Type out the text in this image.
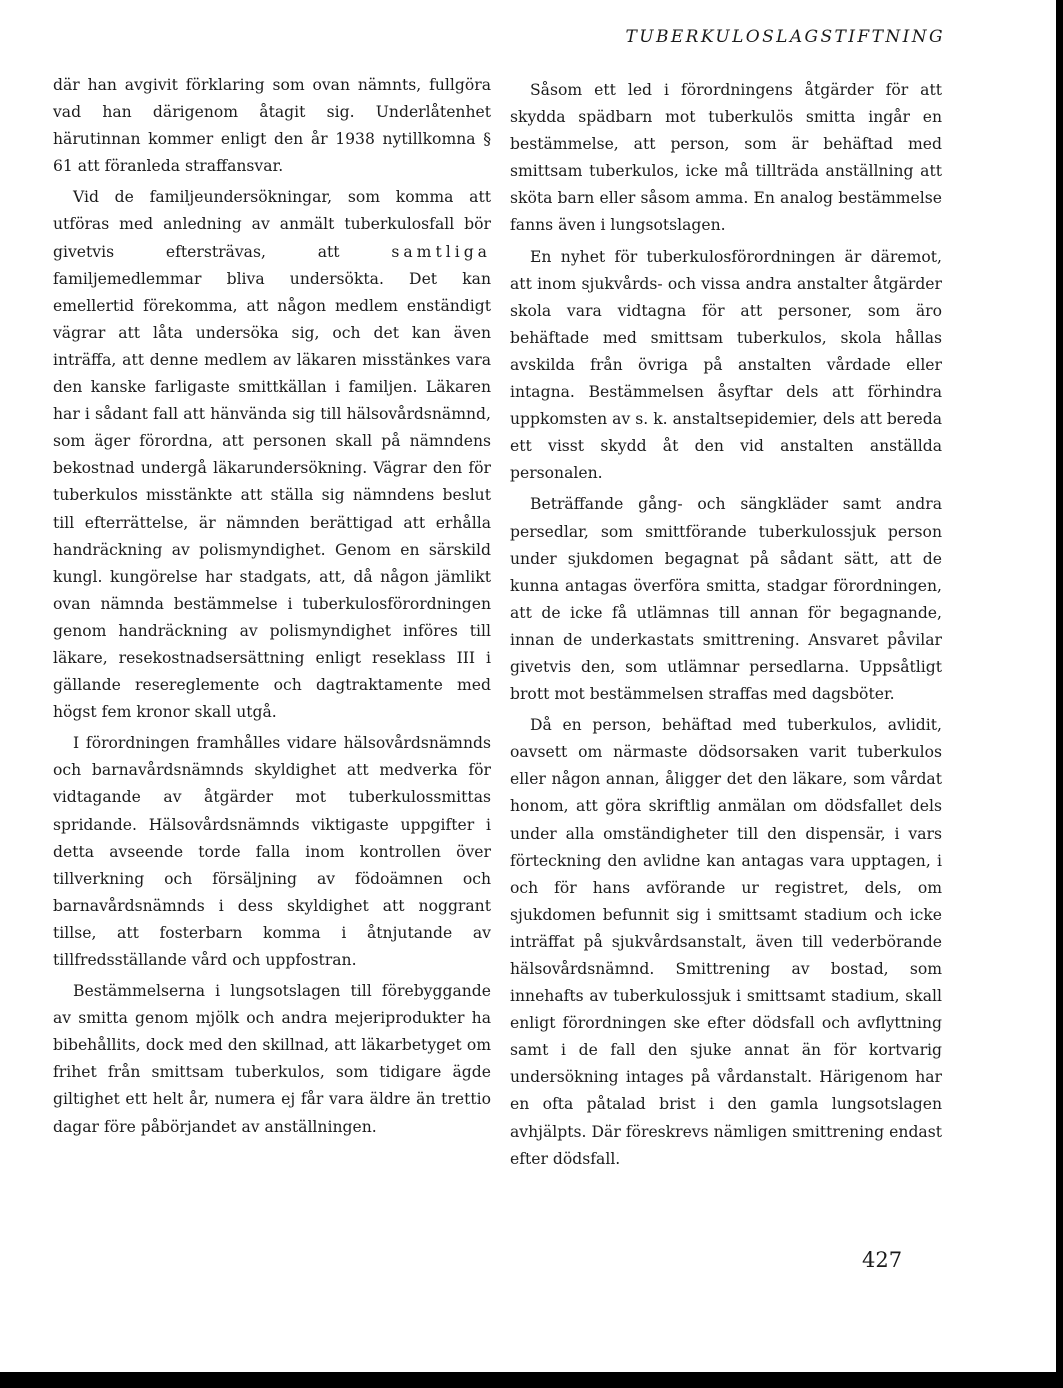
TUBERKULOSLAGSTIFTNING

där han avgivit förklaring som ovan nämnts, fullgöra vad han därigenom åtagit sig. Underlåtenhet härutinnan kommer enligt den år 1938 nytillkomna § 61 att föranleda straffansvar.

Vid de familjeundersökningar, som komma att utföras med anledning av anmält tuberkulosfall bör givetvis eftersträvas, att	samtliga familjemedlemmar bliva undersökta. Det kan emellertid förekomma, att någon medlem enständigt vägrar att låta undersöka sig, och det kan även inträffa, att denne medlem av läkaren misstänkes vara den kanske farligaste smittkällan i familjen. Läkaren har i sådant fall att hänvända sig till hälsovårdsnämnd, som äger förordna, att personen skall på nämndens bekostnad undergå läkarundersökning. Vägrar den för tuberkulos misstänkte att ställa sig nämndens beslut till efterrättelse, är nämnden berättigad att erhålla handräckning av polismyndighet. Genom en särskild kungl. kungörelse har stadgats, att, då någon jämlikt ovan nämnda bestämmelse i tuberkulosförordningen genom handräckning av polismyndighet införes till läkare, resekostnadsersättning enligt reseklass III i gällande resereglemente och dagtraktamente med högst fem kronor skall utgå.

I förordningen framhålles vidare hälsovårdsnämnds och barnavårdsnämnds skyldighet att medverka för vidtagande av åtgärder mot tuberkulossmittas spridande. Hälsovårdsnämnds viktigaste uppgifter i detta avseende torde falla inom kontrollen över tillverkning och försäljning av födoämnen och barnavårdsnämnds i dess skyldighet att noggrant tillse, att fosterbarn komma i åtnjutande av tillfredsställande vård och uppfostran.

Bestämmelserna i lungsotslagen till förebyggande av smitta genom mjölk och andra mejeriprodukter ha bibehållits, dock med den skillnad, att läkarbetyget om frihet från smittsam tuberkulos, som tidigare ägde giltighet ett helt år, numera ej får vara äldre än trettio dagar före påbörjandet av anställningen.

Såsom ett led i förordningens åtgärder för att skydda spädbarn mot tuberkulös smitta ingår en bestämmelse, att person, som är behäftad med smittsam tuberkulos, icke må tillträda anställning att sköta barn eller såsom amma. En analog bestämmelse fanns även i lungsotslagen.

En nyhet för tuberkulosförordningen är däremot, att inom sjukvårds- och vissa andra anstalter åtgärder skola vara vidtagna för att personer, som äro behäftade med smittsam tuberkulos, skola hållas avskilda från övriga på anstalten vårdade eller intagna. Bestämmelsen åsyftar dels att förhindra uppkomsten av s. k. anstaltsepidemier, dels att bereda ett visst skydd åt den vid anstalten anställda personalen.

Beträffande gång- och sängkläder samt andra persedlar, som smittförande tuberkulossjuk person under sjukdomen begagnat på sådant sätt, att de kunna antagas överföra smitta, stadgar förordningen, att de icke få utlämnas till annan för begagnande, innan de underkastats smittrening. Ansvaret påvilar givetvis den, som utlämnar persedlarna. Uppsåtligt brott mot bestämmelsen straffas med dagsböter.

Då en person, behäftad med tuberkulos, avlidit, oavsett om närmaste dödsorsaken varit tuberkulos eller någon annan, åligger det den läkare, som vårdat honom, att göra skriftlig anmälan om dödsfallet dels under alla omständigheter till den dispensär, i vars förteckning den avlidne kan antagas vara upptagen, i och för hans avförande ur registret, dels, om sjukdomen befunnit sig i smittsamt stadium och icke inträffat på sjukvårdsanstalt, även till vederbörande hälsovårdsnämnd. Smittrening av bostad, som innehafts av tuberkulossjuk i smittsamt stadium, skall enligt förordningen ske efter dödsfall och avflyttning samt i de fall den sjuke annat än för kortvarig undersökning intages på vårdanstalt. Härigenom har en ofta påtalad brist i den gamla lungsotslagen avhjälpts. Där föreskrevs nämligen smittrening endast efter dödsfall.

427
